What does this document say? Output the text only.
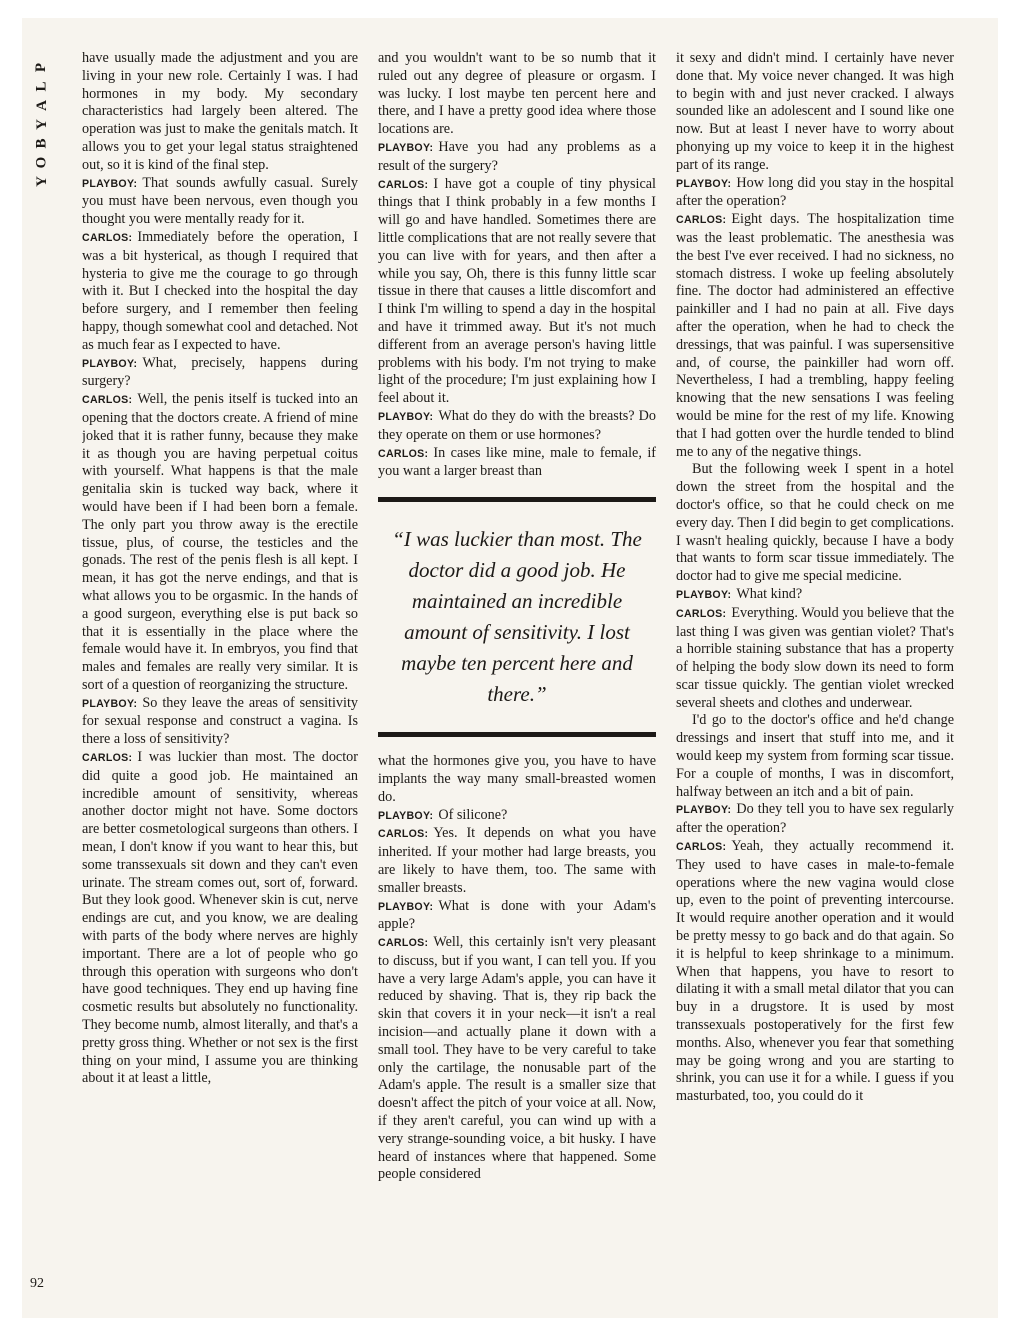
P
L
A
Y
B
O
Y
92

have usually made the adjustment and you are living in your new role. Certainly I was. I had hormones in my body. My secondary characteristics had largely been altered. The operation was just to make the genitals match. It allows you to get your legal status straightened out, so it is kind of the final step.

PLAYBOY: That sounds awfully casual. Surely you must have been nervous, even though you thought you were mentally ready for it.

CARLOS: Immediately before the operation, I was a bit hysterical, as though I required that hysteria to give me the courage to go through with it. But I checked into the hospital the day before surgery, and I remember then feeling happy, though somewhat cool and detached. Not as much fear as I expected to have.

PLAYBOY: What, precisely, happens during surgery?

CARLOS: Well, the penis itself is tucked into an opening that the doctors create. A friend of mine joked that it is rather funny, because they make it as though you are having perpetual coitus with yourself. What happens is that the male genitalia skin is tucked way back, where it would have been if I had been born a female. The only part you throw away is the erectile tissue, plus, of course, the testicles and the gonads. The rest of the penis flesh is all kept. I mean, it has got the nerve endings, and that is what allows you to be orgasmic. In the hands of a good surgeon, everything else is put back so that it is essentially in the place where the female would have it. In embryos, you find that males and females are really very similar. It is sort of a question of reorganizing the structure.

PLAYBOY: So they leave the areas of sensitivity for sexual response and construct a vagina. Is there a loss of sensitivity?

CARLOS: I was luckier than most. The doctor did quite a good job. He maintained an incredible amount of sensitivity, whereas another doctor might not have. Some doctors are better cosmetological surgeons than others. I mean, I don't know if you want to hear this, but some transsexuals sit down and they can't even urinate. The stream comes out, sort of, forward. But they look good. Whenever skin is cut, nerve endings are cut, and you know, we are dealing with parts of the body where nerves are highly important. There are a lot of people who go through this operation with surgeons who don't have good techniques. They end up having fine cosmetic results but absolutely no functionality. They become numb, almost literally, and that's a pretty gross thing. Whether or not sex is the first thing on your mind, I assume you are thinking about it at least a little,

and you wouldn't want to be so numb that it ruled out any degree of pleasure or orgasm. I was lucky. I lost maybe ten percent here and there, and I have a pretty good idea where those locations are.

PLAYBOY: Have you had any problems as a result of the surgery?

CARLOS: I have got a couple of tiny physical things that I think probably in a few months I will go and have handled. Sometimes there are little complications that are not really severe that you can live with for years, and then after a while you say, Oh, there is this funny little scar tissue in there that causes a little discomfort and I think I'm willing to spend a day in the hospital and have it trimmed away. But it's not much different from an average person's having little problems with his body. I'm not trying to make light of the procedure; I'm just explaining how I feel about it.

PLAYBOY: What do they do with the breasts? Do they operate on them or use hormones?

CARLOS: In cases like mine, male to female, if you want a larger breast than

“I was luckier than most. The doctor did a good job. He maintained an incredible amount of sensitivity. I lost maybe ten percent here and there.”

what the hormones give you, you have to have implants the way many small-breasted women do.

PLAYBOY: Of silicone?

CARLOS: Yes. It depends on what you have inherited. If your mother had large breasts, you are likely to have them, too. The same with smaller breasts.

PLAYBOY: What is done with your Adam's apple?

CARLOS: Well, this certainly isn't very pleasant to discuss, but if you want, I can tell you. If you have a very large Adam's apple, you can have it reduced by shaving. That is, they rip back the skin that covers it in your neck—it isn't a real incision—and actually plane it down with a small tool. They have to be very careful to take only the cartilage, the nonusable part of the Adam's apple. The result is a smaller size that doesn't affect the pitch of your voice at all. Now, if they aren't careful, you can wind up with a very strange-sounding voice, a bit husky. I have heard of instances where that happened. Some people considered

it sexy and didn't mind. I certainly have never done that. My voice never changed. It was high to begin with and just never cracked. I always sounded like an adolescent and I sound like one now. But at least I never have to worry about phonying up my voice to keep it in the highest part of its range.

PLAYBOY: How long did you stay in the hospital after the operation?

CARLOS: Eight days. The hospitalization time was the least problematic. The anesthesia was the best I've ever received. I had no sickness, no stomach distress. I woke up feeling absolutely fine. The doctor had administered an effective painkiller and I had no pain at all. Five days after the operation, when he had to check the dressings, that was painful. I was supersensitive and, of course, the painkiller had worn off. Nevertheless, I had a trembling, happy feeling knowing that the new sensations I was feeling would be mine for the rest of my life. Knowing that I had gotten over the hurdle tended to blind me to any of the negative things.

But the following week I spent in a hotel down the street from the hospital and the doctor's office, so that he could check on me every day. Then I did begin to get complications. I wasn't healing quickly, because I have a body that wants to form scar tissue immediately. The doctor had to give me special medicine.

PLAYBOY: What kind?

CARLOS: Everything. Would you believe that the last thing I was given was gentian violet? That's a horrible staining substance that has a property of helping the body slow down its need to form scar tissue quickly. The gentian violet wrecked several sheets and clothes and underwear.

I'd go to the doctor's office and he'd change dressings and insert that stuff into me, and it would keep my system from forming scar tissue. For a couple of months, I was in discomfort, halfway between an itch and a bit of pain.

PLAYBOY: Do they tell you to have sex regularly after the operation?

CARLOS: Yeah, they actually recommend it. They used to have cases in male-to-female operations where the new vagina would close up, even to the point of preventing intercourse. It would require another operation and it would be pretty messy to go back and do that again. So it is helpful to keep shrinkage to a minimum. When that happens, you have to resort to dilating it with a small metal dilator that you can buy in a drugstore. It is used by most transsexuals postoperatively for the first few months. Also, whenever you fear that something may be going wrong and you are starting to shrink, you can use it for a while. I guess if you masturbated, too, you could do it
